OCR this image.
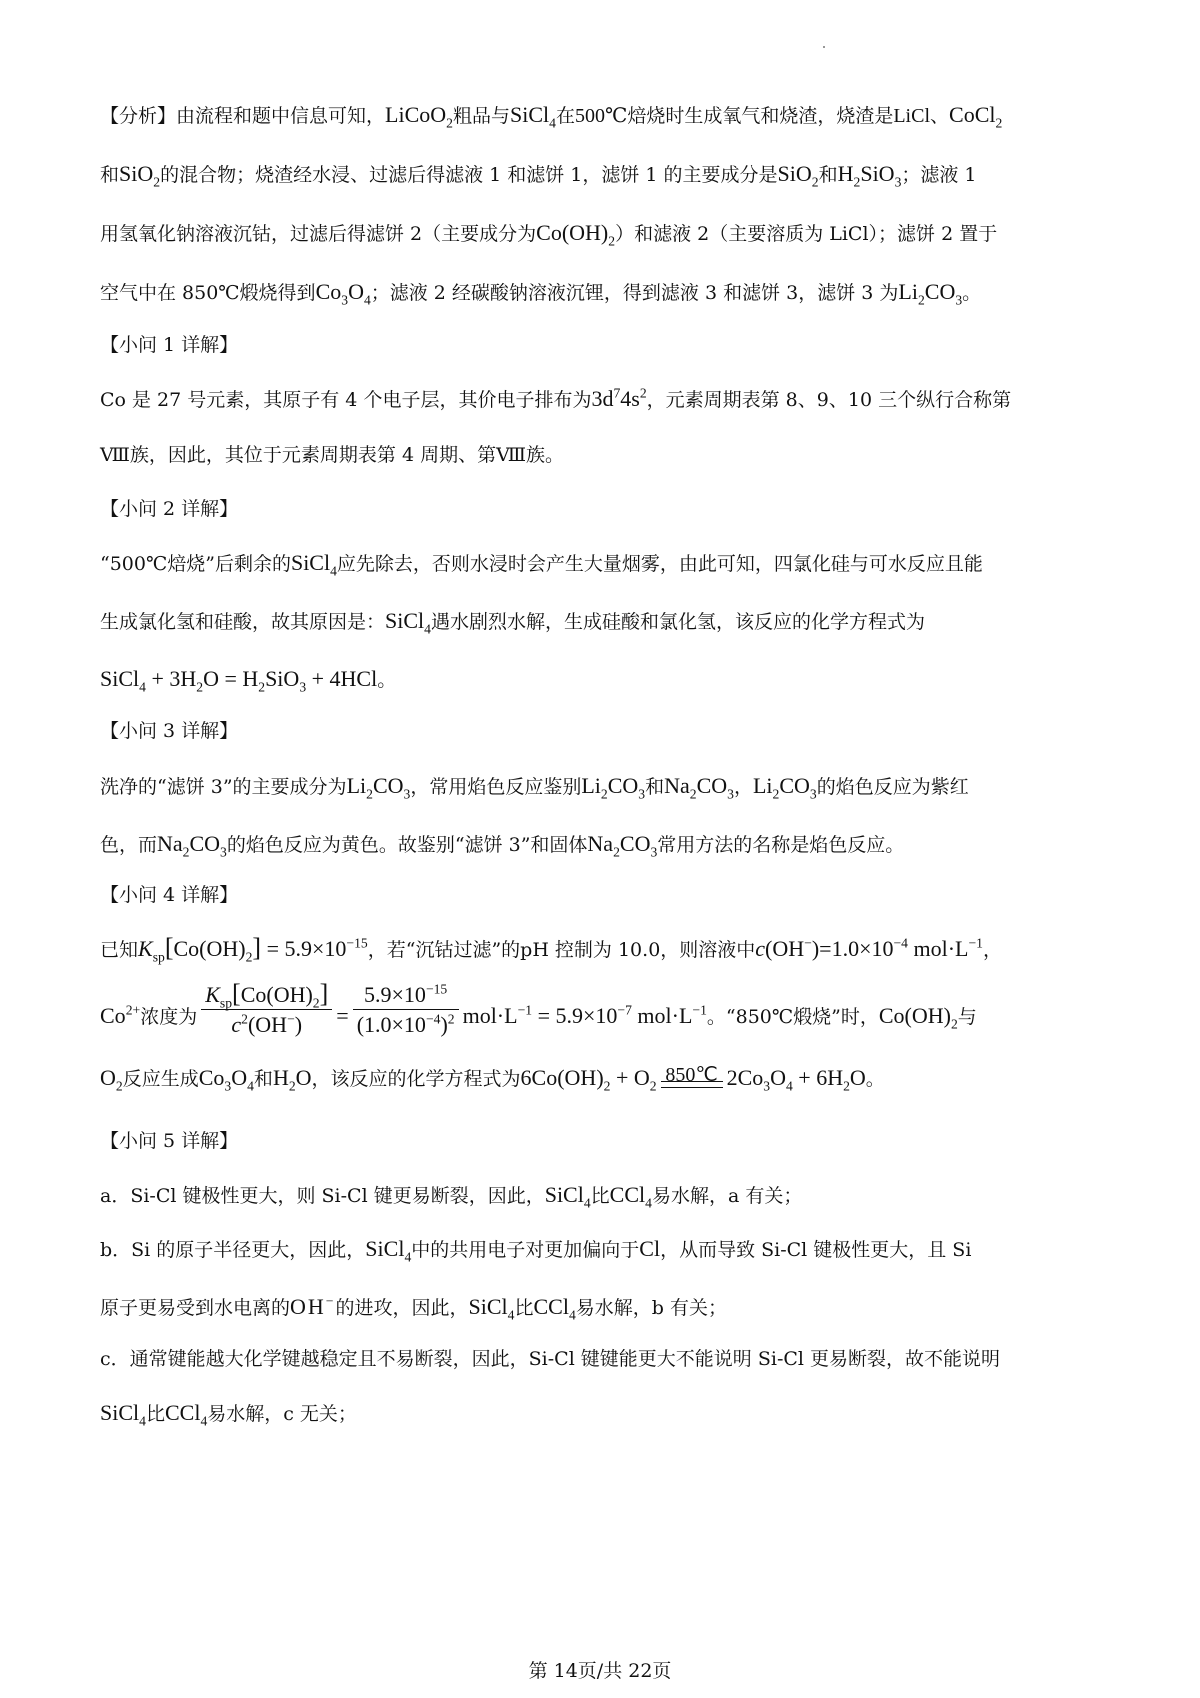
【分析】由流程和题中信息可知，LiCoO$_2$粗品与SiCl$_4$在500℃焙烧时生成氧气和烧渣，烧渣是LiCl、CoCl$_2$
和SiO$_2$的混合物；烧渣经水浸、过滤后得滤液 1 和滤饼 1，滤饼 1 的主要成分是SiO$_2$和$H_2SiO_3$；滤液 1
用氢氧化钠溶液沉钴，过滤后得滤饼 2（主要成分为$Co(OH)_2$）和滤液 2（主要溶质为 LiCl）；滤饼 2 置于
空气中在 850℃煅烧得到$Co_3O_4$；滤液 2 经碳酸钠溶液沉锂，得到滤液 3 和滤饼 3，滤饼 3 为$Li_2CO_3$。
【小问 1 详解】
Co 是 27 号元素，其原子有 4 个电子层，其价电子排布为$3d^74s^2$，元素周期表第 8、9、10 三个纵行合称第
Ⅷ族，因此，其位于元素周期表第 4 周期、第Ⅷ族。
【小问 2 详解】
“500℃焙烧”后剩余的SiCl$_4$应先除去，否则水浸时会产生大量烟雾，由此可知，四氯化硅与可水反应且能
生成氯化氢和硅酸，故其原因是：SiCl$_4$遇水剧烈水解，生成硅酸和氯化氢，该反应的化学方程式为
SiCl$_4$ + $3H_2O = H_2SiO_3 + 4HCl$。
【小问 3 详解】
洗净的“滤饼 3”的主要成分为$Li_2CO_3$，常用焰色反应鉴别$Li_2CO_3$和$Na_2CO_3$，$Li_2CO_3$的焰色反应为紫红
色，而$Na_2CO_3$的焰色反应为黄色。故鉴别“滤饼 3”和固体$Na_2CO_3$常用方法的名称是焰色反应。
【小问 4 详解】
已知$K_{sp}[Co(OH)_2] = 5.9\times 10^{-15}$，若“沉钴过滤”的pH 控制为 10.0，则溶液中$c(OH^-)=1.0\times 10^{-4}$ $mol\cdot L^{-1}$，
$Co^{2+}$浓度为 $\frac{K_{sp}[Co(OH)_2]}{c^2(OH^-)} = \frac{5.9\times 10^{-15}}{(1.0\times 10^{-4})^2} mol\cdot L^{-1} = 5.9\times 10^{-7}$ $mol\cdot L^{-1}$。“850℃煅烧”时，$Co(OH)_2$与
$O_2$反应生成$Co_3O_4$和$H_2O$，该反应的化学方程式为$6Co(OH)_2 + O_2$ 850℃ $2Co_3O_4 + 6H_2O$。
【小问 5 详解】
a．Si-Cl 键极性更大，则 Si-Cl 键更易断裂，因此，SiCl$_4$比CCl$_4$易水解，a 有关；
b．Si 的原子半径更大，因此，SiCl$_4$中的共用电子对更加偏向于Cl，从而导致 Si-Cl 键极性更大，且 Si
原子更易受到水电离的OH−的进攻，因此，SiCl$_4$比CCl$_4$易水解，b 有关；
c．通常键能越大化学键越稳定且不易断裂，因此，Si-Cl 键键能更大不能说明 Si-Cl 更易断裂，故不能说明
SiCl$_4$比CCl$_4$易水解，c 无关；
第 14页/共 22页
